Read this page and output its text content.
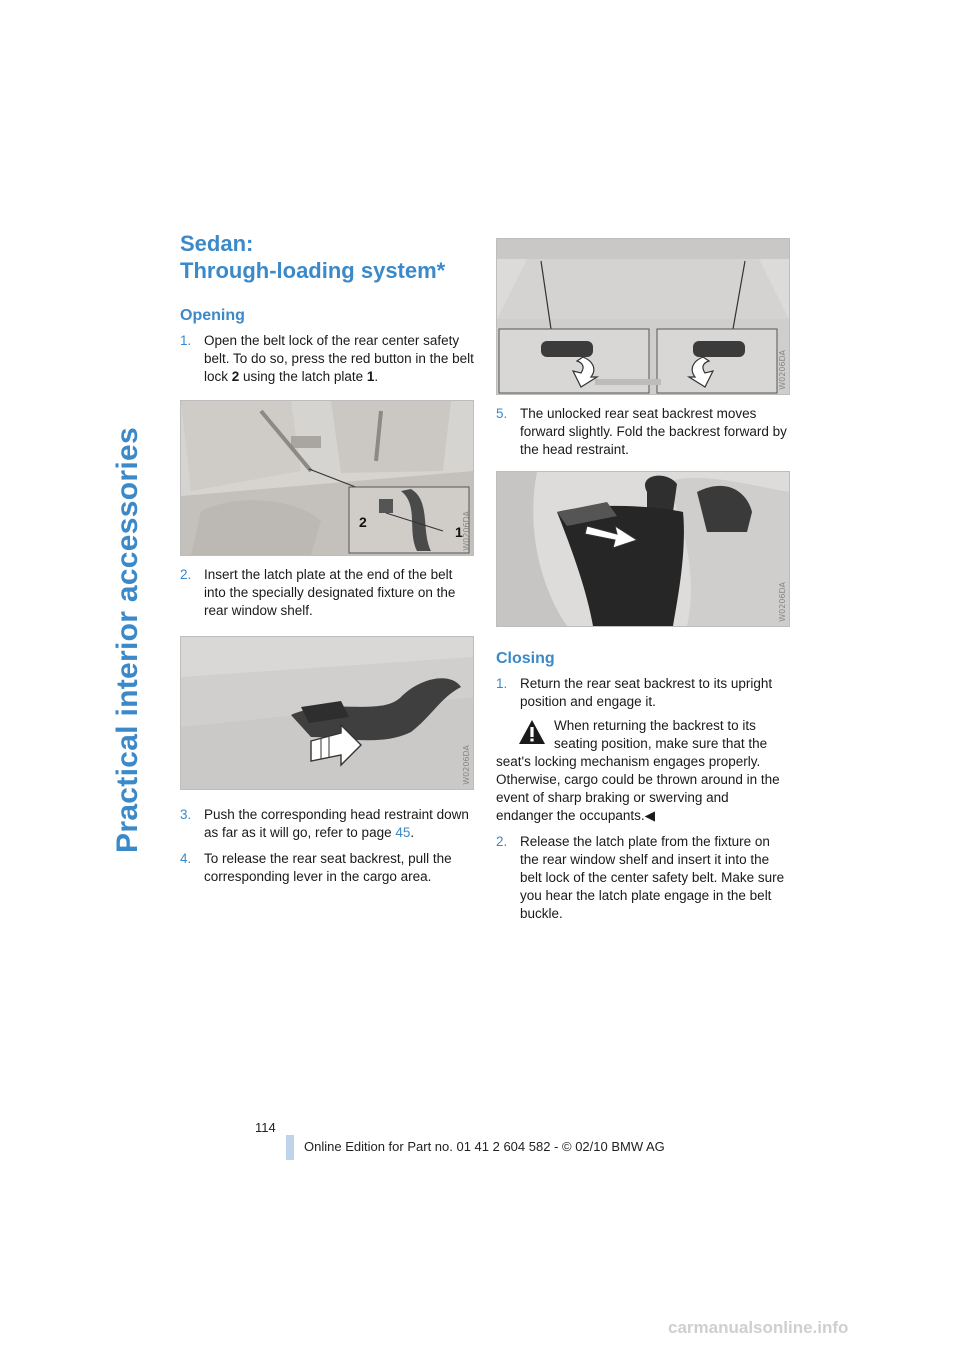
Practical interior accessories
Sedan:
Through-loading system*
Opening

1. Open the belt lock of the rear center safety belt. To do so, press the red button in the belt lock 2 using the latch plate 1.

2
1 W0206DA

2. Insert the latch plate at the end of the belt into the specially designated fixture on the rear window shelf.

W0206DA

3. Push the corresponding head restraint down as far as it will go, refer to page 45.

4. To release the rear seat backrest, pull the corresponding lever in the cargo area.

W0206DA

5. The unlocked rear seat backrest moves forward slightly. Fold the backrest forward by the head restraint.

W0206DA
Closing

1. Return the rear seat backrest to its upright position and engage it.

When returning the backrest to its seating position, make sure that the seat's locking mechanism engages properly. Otherwise, cargo could be thrown around in the event of sharp braking or swerving and endanger the occupants.◀

2. Release the latch plate from the fixture on the rear window shelf and insert it into the belt lock of the center safety belt. Make sure you hear the latch plate engage in the belt buckle.

114
Online Edition for Part no. 01 41 2 604 582 - © 02/10 BMW AG
carmanualsonline.info
